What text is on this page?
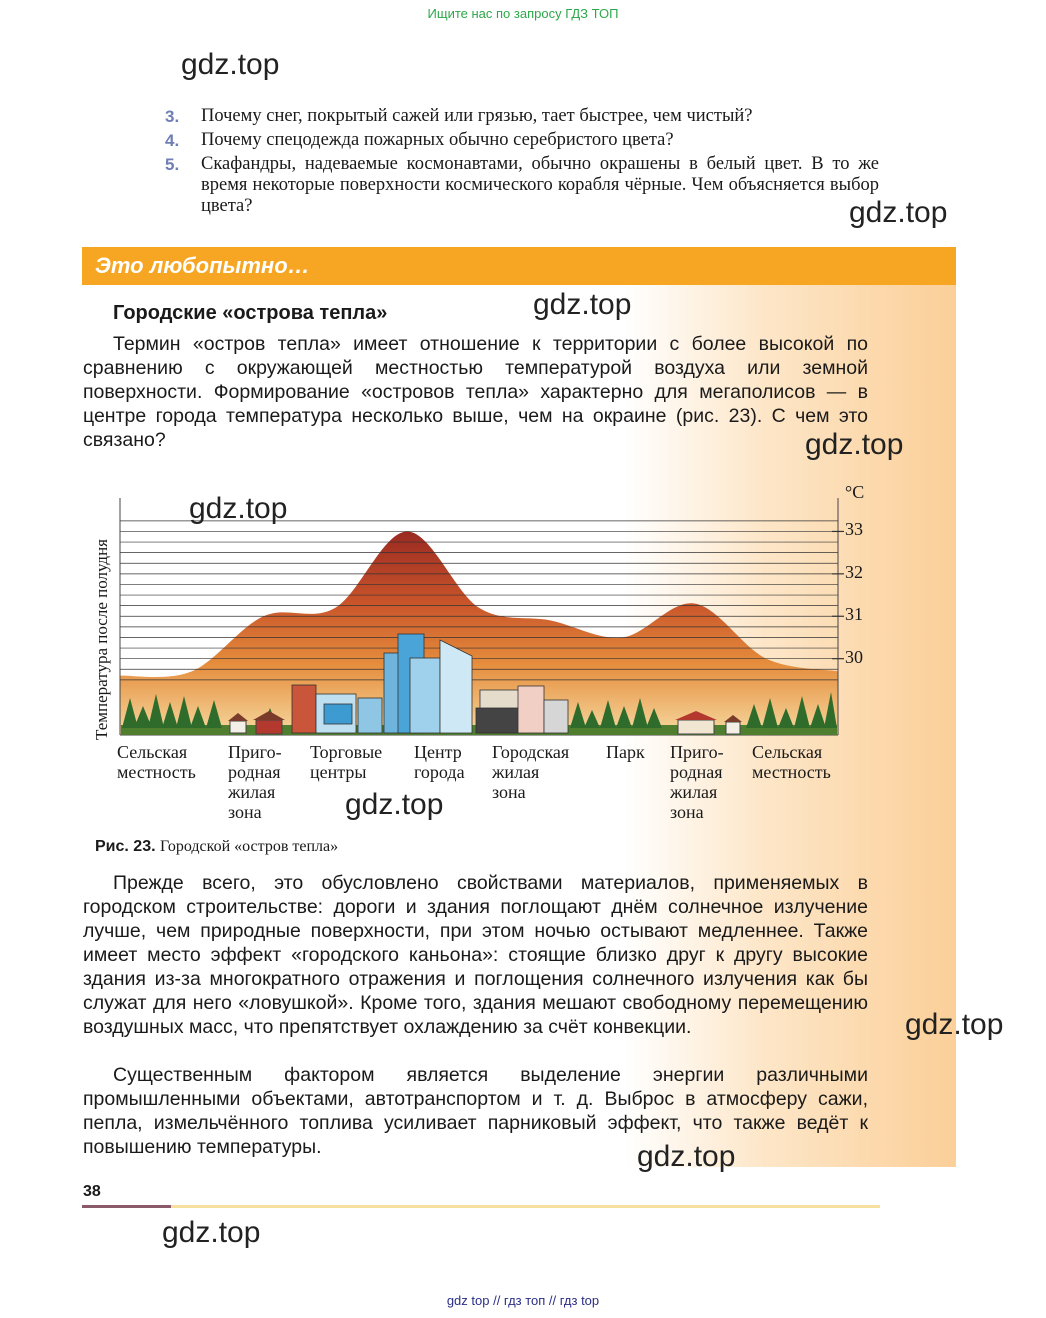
Ищите нас по запросу ГДЗ ТОП
gdz.top
3. Почему снег, покрытый сажей или грязью, тает быстрее, чем чистый?
4. Почему спецодежда пожарных обычно серебристого цвета?
5. Скафандры, надеваемые космонавтами, обычно окрашены в белый цвет. В то же время некоторые поверхности космического корабля чёрные. Чем объясняется выбор цвета?	gdz.top
Это любопытно…
Городские «острова тепла»	gdz.top
Термин «остров тепла» имеет отношение к территории с более высокой по сравнению с окружающей местностью температурой воздуха или земной поверхности. Формирование «островов тепла» характерно для мегаполисов — в центре города температура несколько выше, чем на окраине (рис. 23). С чем это связано?	gdz.top
Температура после полудня
°C
30
31
32
33
Сельская
местность
Приго-
родная
жилая
зона
Торговые
центры
Центр
города
Городская
жилая
зона
Парк Приго-
родная
жилая
зона
Сельская
местность
gdz.top
gdz.top
Рис. 23. Городской «остров тепла»
Прежде всего, это обусловлено свойствами материалов, применяемых в городском строительстве: дороги и здания поглощают днём солнечное излучение лучше, чем природные поверхности, при этом ночью остывают медленнее. Также имеет место эффект «городского каньона»: стоящие близко друг к другу высокие здания из-за многократного отражения и поглощения солнечного излучения как бы служат для него «ловушкой». Кроме того, здания мешают свободному перемещению воздушных масс, что препятствует охлаждению за счёт конвекции.
Существенным фактором является выделение энергии различными промышленными объектами, автотранспортом и т. д. Выброс в атмосферу сажи, пепла, измельчённого топлива усиливает парниковый эффект, что также ведёт к повышению температуры.
gdz.top
gdz.top
38
gdz.top
gdz top // гдз топ // гдз top
